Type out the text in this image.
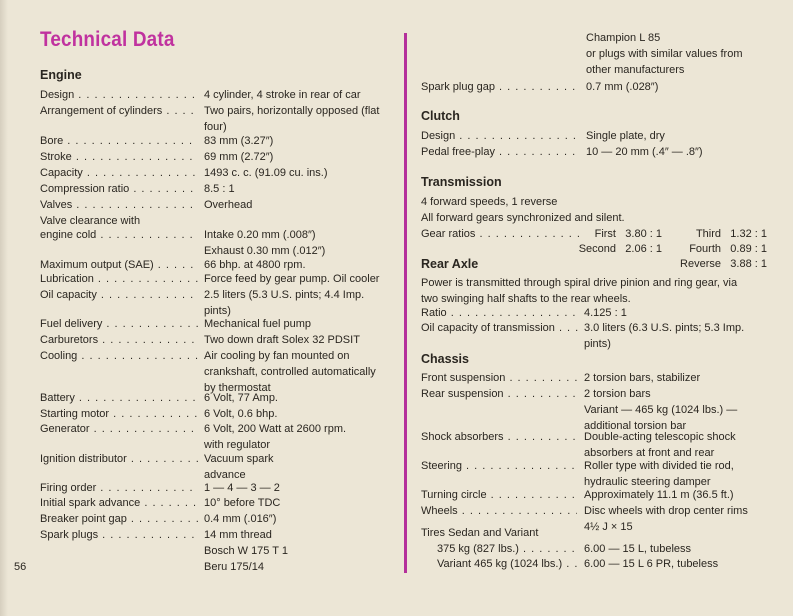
Technical Data
56
Engine
Design . . .	4 cylinder, 4 stroke in rear of car
Arrangement of cylinders . . .	Two pairs, horizontally opposed (flat
four)
Bore . . .	83 mm (3.27″)
Stroke . . .	69 mm (2.72″)
Capacity . . .	1493 c. c. (91.09 cu. ins.)
Compression ratio . . .	8.5 : 1
Valves . . .	Overhead
Valve clearance with
engine cold . . .	Intake 0.20 mm (.008″)
Exhaust 0.30 mm (.012″)
Maximum output (SAE) . . .	66 bhp. at 4800 rpm.
Lubrication . . .	Force feed by gear pump. Oil cooler
Oil capacity . . .	2.5 liters (5.3 U.S. pints; 4.4 Imp.
pints)
Fuel delivery . . .	Mechanical fuel pump
Carburetors . . .	Two down draft Solex 32 PDSIT
Cooling . . .	Air cooling by fan mounted on
crankshaft, controlled automatically
by thermostat
Battery . . .	6 Volt, 77 Amp.
Starting motor . . .	6 Volt, 0.6 bhp.
Generator . . .	6 Volt, 200 Watt at 2600 rpm.
with regulator
Ignition distributor . . .	Vacuum spark
advance
Firing order . . .	1 — 4 — 3 — 2
Initial spark advance . . .	10° before TDC
Breaker point gap . . .	0.4 mm (.016″)
Spark plugs . . .	14 mm thread
Bosch W 175 T 1
Beru 175/14
Champion L 85
or plugs with similar values from
other manufacturers
Spark plug gap . . .	0.7 mm (.028″)
Clutch
Design . . .	Single plate, dry
Pedal free-play . . .	10 — 20 mm (.4″ — .8″)
Transmission
4 forward speeds, 1 reverse
All forward gears synchronized and silent.
Gear ratios . . .	First 3.80 : 1
Second 2.06 : 1
Third 1.32 : 1
Fourth 0.89 : 1
Reverse 3.88 : 1
Rear Axle
Power is transmitted through spiral drive pinion and ring gear, via
two swinging half shafts to the rear wheels.
Ratio . . .	4.125 : 1
Oil capacity of transmission . . .	3.0 liters (6.3 U.S. pints; 5.3 Imp.
pints)
Chassis
Front suspension . . .	2 torsion bars, stabilizer
Rear suspension . . .	2 torsion bars
Variant — 465 kg (1024 lbs.) —
additional torsion bar
Shock absorbers . . .	Double-acting telescopic shock
absorbers at front and rear
Steering . . .	Roller type with divided tie rod,
hydraulic steering damper
Turning circle . . .	Approximately 11.1 m (36.5 ft.)
Wheels . . .	Disc wheels with drop center rims
4½ J × 15
Tires Sedan and Variant
375 kg (827 lbs.) . . .	6.00 — 15 L, tubeless
Variant 465 kg (1024 lbs.) . . .	6.00 — 15 L 6 PR, tubeless
